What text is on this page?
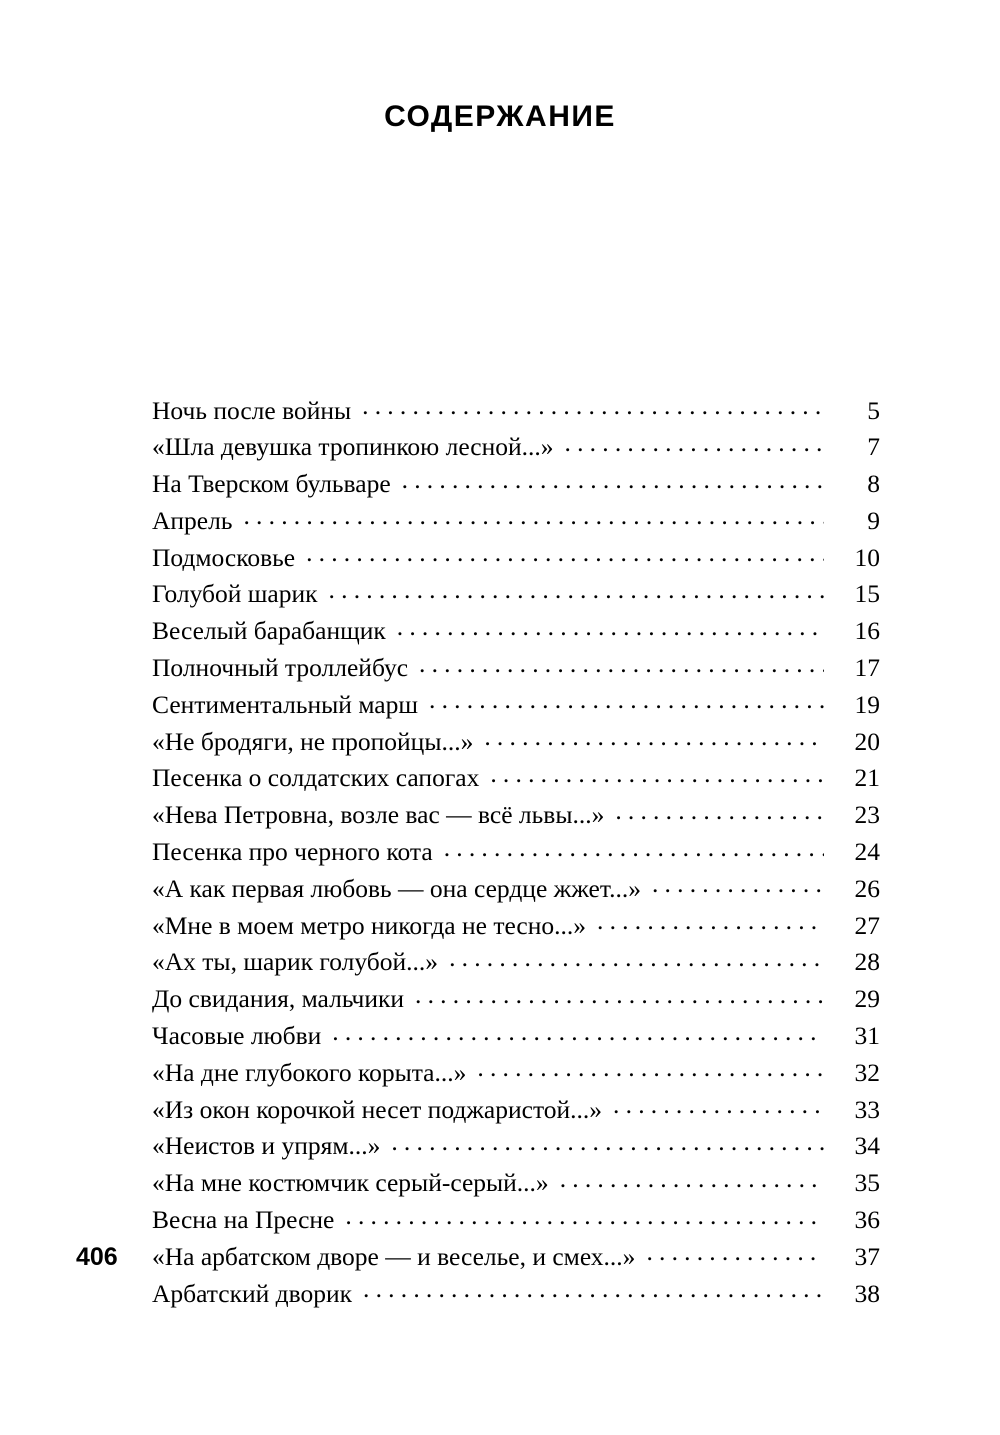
СОДЕРЖАНИЕ
Ночь после войны .....	5
«Шла девушка тропинкою лесной...» .....	7
На Тверском бульваре .....	8
Апрель .....	9
Подмосковье .....	10
Голубой шарик .....	15
Веселый барабанщик .....	16
Полночный троллейбус .....	17
Сентиментальный марш .....	19
«Не бродяги, не пропойцы...» .....	20
Песенка о солдатских сапогах .....	21
«Нева Петровна, возле вас — всё львы...» .....	23
Песенка про черного кота .....	24
«А как первая любовь — она сердце жжет...» .....	26
«Мне в моем метро никогда не тесно...» .....	27
«Ах ты, шарик голубой...» .....	28
До свидания, мальчики .....	29
Часовые любви .....	31
«На дне глубокого корыта...» .....	32
«Из окон корочкой несет поджаристой...» .....	33
«Неистов и упрям...» .....	34
«На мне костюмчик серый-серый...» .....	35
Весна на Пресне .....	36
«На арбатском дворе — и веселье, и смех...» .....	37
Арбатский дворик .....	38
406
